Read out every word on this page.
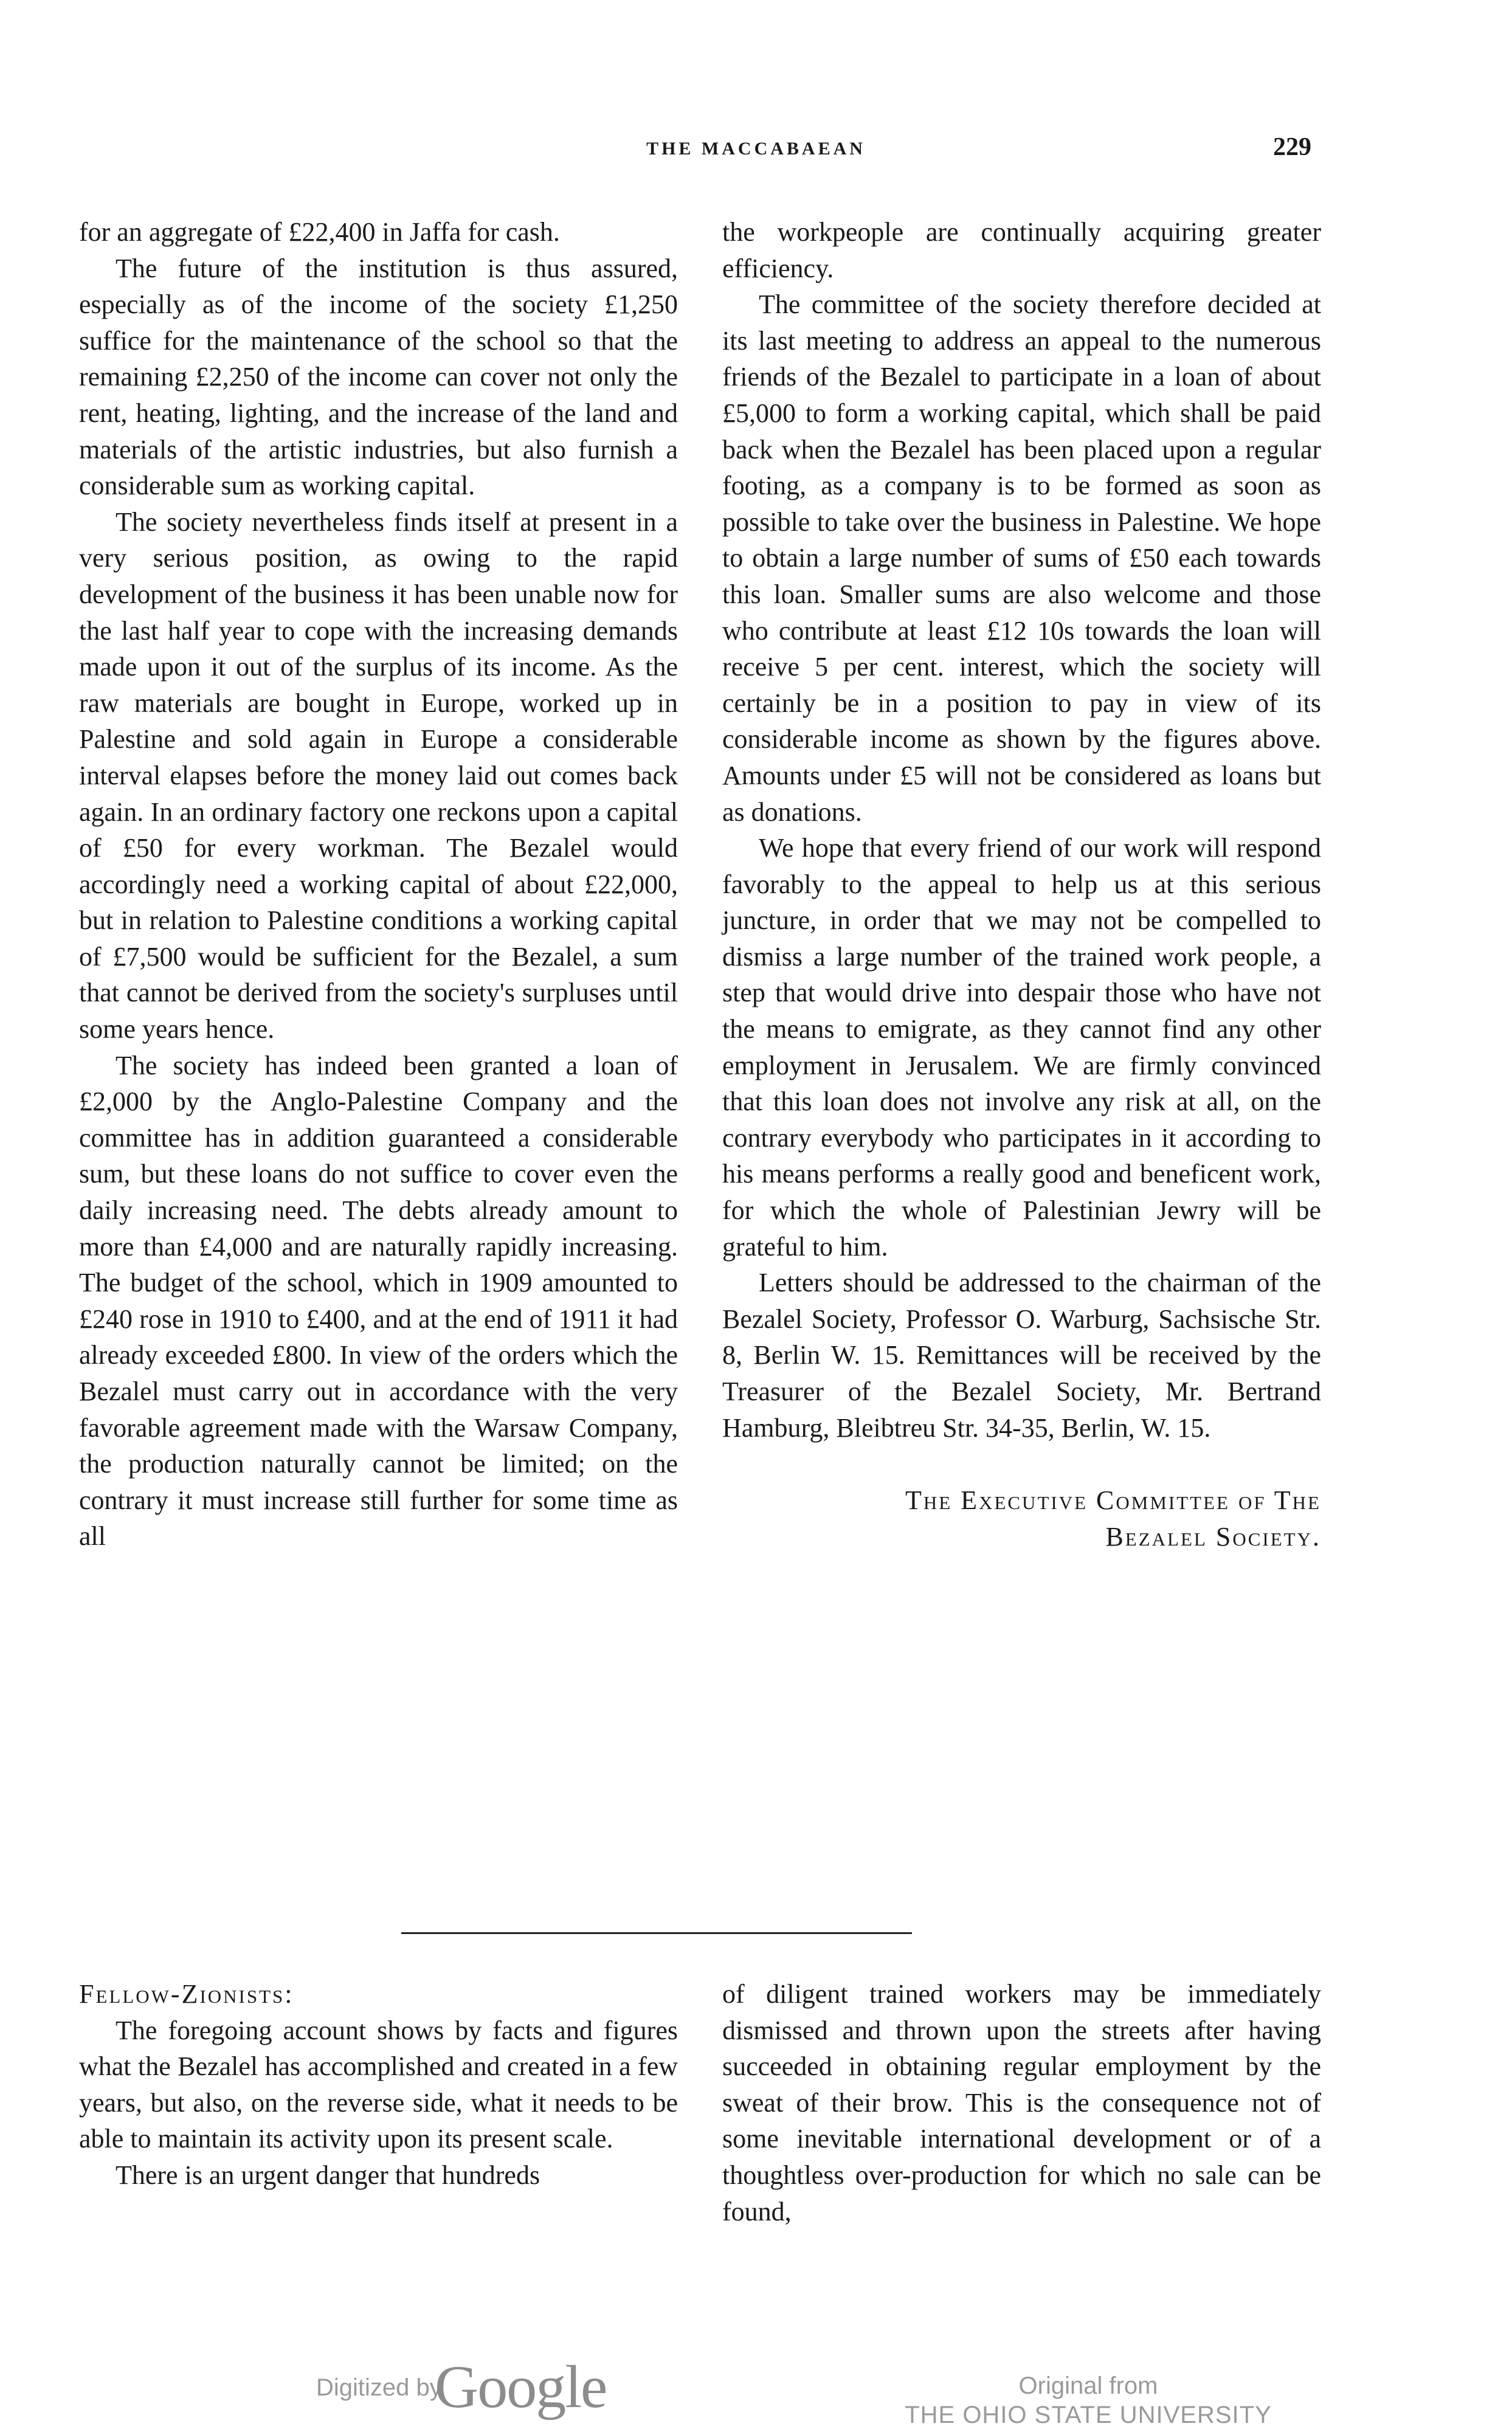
THE MACCABAEAN	229

for an aggregate of £22,400 in Jaffa for cash.

The future of the institution is thus assured, especially as of the income of the society £1,250 suffice for the maintenance of the school so that the remaining £2,250 of the income can cover not only the rent, heating, lighting, and the increase of the land and materials of the artistic industries, but also furnish a considerable sum as working capital.

The society nevertheless finds itself at present in a very serious position, as owing to the rapid development of the business it has been unable now for the last half year to cope with the increasing demands made upon it out of the surplus of its income. As the raw materials are bought in Europe, worked up in Palestine and sold again in Europe a considerable interval elapses before the money laid out comes back again. In an ordinary factory one reckons upon a capital of £50 for every workman. The Bezalel would accordingly need a working capital of about £22,000, but in relation to Palestine conditions a working capital of £7,500 would be sufficient for the Bezalel, a sum that cannot be derived from the society's surpluses until some years hence.

The society has indeed been granted a loan of £2,000 by the Anglo-Palestine Company and the committee has in addition guaranteed a considerable sum, but these loans do not suffice to cover even the daily increasing need. The debts already amount to more than £4,000 and are naturally rapidly increasing. The budget of the school, which in 1909 amounted to £240 rose in 1910 to £400, and at the end of 1911 it had already exceeded £800. In view of the orders which the Bezalel must carry out in accordance with the very favorable agreement made with the Warsaw Company, the production naturally cannot be limited; on the contrary it must increase still further for some time as all

the workpeople are continually acquiring greater efficiency.

The committee of the society therefore decided at its last meeting to address an appeal to the numerous friends of the Bezalel to participate in a loan of about £5,000 to form a working capital, which shall be paid back when the Bezalel has been placed upon a regular footing, as a company is to be formed as soon as possible to take over the business in Palestine. We hope to obtain a large number of sums of £50 each towards this loan. Smaller sums are also welcome and those who contribute at least £12 10s towards the loan will receive 5 per cent. interest, which the society will certainly be in a position to pay in view of its considerable income as shown by the figures above. Amounts under £5 will not be considered as loans but as donations.

We hope that every friend of our work will respond favorably to the appeal to help us at this serious juncture, in order that we may not be compelled to dismiss a large number of the trained work people, a step that would drive into despair those who have not the means to emigrate, as they cannot find any other employment in Jerusalem. We are firmly convinced that this loan does not involve any risk at all, on the contrary everybody who participates in it according to his means performs a really good and beneficent work, for which the whole of Palestinian Jewry will be grateful to him.

Letters should be addressed to the chairman of the Bezalel Society, Professor O. Warburg, Sachsische Str. 8, Berlin W. 15. Remittances will be received by the Treasurer of the Bezalel Society, Mr. Bertrand Hamburg, Bleibtreu Str. 34-35, Berlin, W. 15.

The Executive Committee of The

Bezalel Society.

Fellow-Zionists:

The foregoing account shows by facts and figures what the Bezalel has accomplished and created in a few years, but also, on the reverse side, what it needs to be able to maintain its activity upon its present scale.

There is an urgent danger that hundreds

of diligent trained workers may be immediately dismissed and thrown upon the streets after having succeeded in obtaining regular employment by the sweat of their brow. This is the consequence not of some inevitable international development or of a thoughtless over-production for which no sale can be found,

Digitized by
Google	Original from
THE OHIO STATE UNIVERSITY
